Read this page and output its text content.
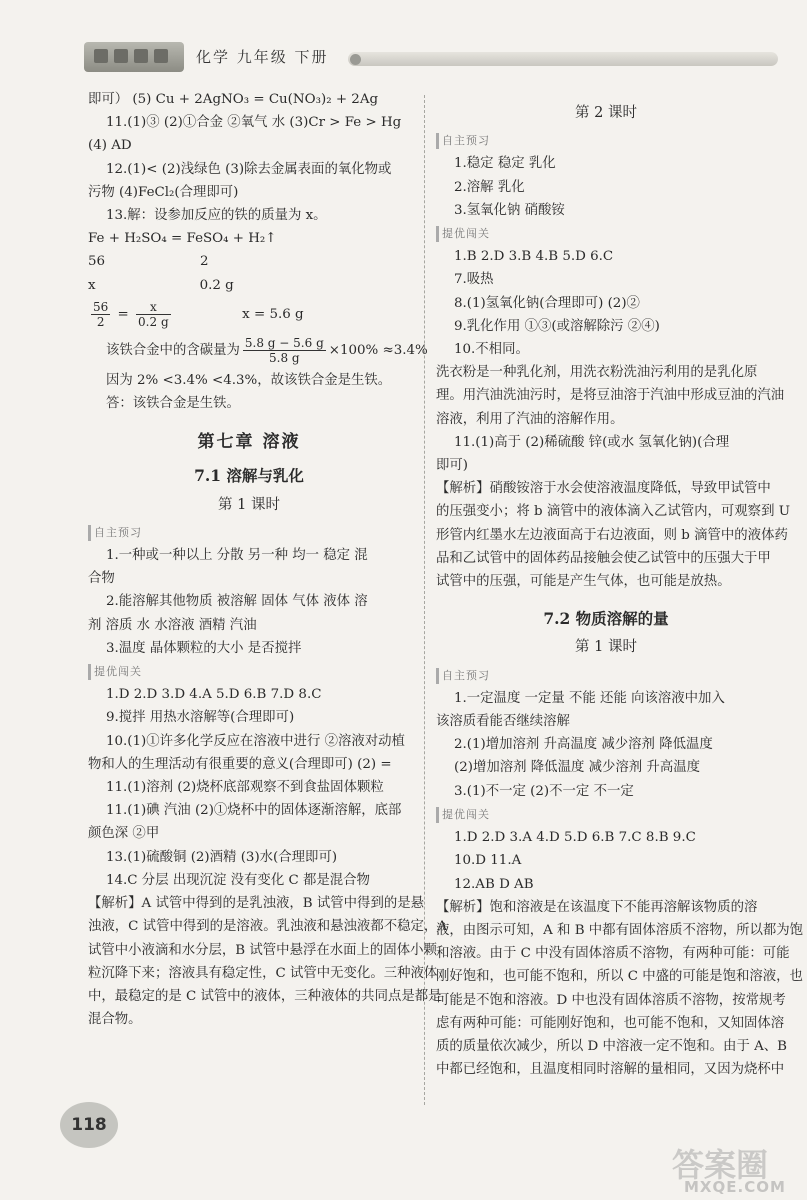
化学 九年级 下册
即可） (5) Cu + 2AgNO₃ = Cu(NO₃)₂ + 2Ag
11.(1)③ (2)①合金 ②氧气 水 (3)Cr > Fe > Hg
(4) AD
12.(1)< (2)浅绿色 (3)除去金属表面的氧化物或
污物 (4)FeCl₂(合理即可)
13.解：设参加反应的铁的质量为 x。
Fe + H₂SO₄ = FeSO₄ + H₂↑
56	2
x	0.2 g
$\frac{56}{2} = \frac{x}{0.2 g}$	x = 5.6 g
该铁合金中的含碳量为 $\frac{5.8 g - 5.6 g}{5.8 g} \times 100\% \approx 3.4\%$
因为 2% <3.4% <4.3%，故该铁合金是生铁。
答：该铁合金是生铁。
第七章 溶液
7.1 溶解与乳化
第 1 课时
自主预习
1.一种或一种以上 分散 另一种 均一 稳定 混
合物
2.能溶解其他物质 被溶解 固体 气体 液体 溶
剂 溶质 水 水溶液 酒精 汽油
3.温度 晶体颗粒的大小 是否搅拌
提优闯关
1.D 2.D 3.D 4.A 5.D 6.B 7.D 8.C
9.搅拌 用热水溶解等(合理即可)
10.(1)①许多化学反应在溶液中进行 ②溶液对动植
物和人的生理活动有很重要的意义(合理即可) (2) =
11.(1)溶剂 (2)烧杯底部观察不到食盐固体颗粒
11.(1)碘 汽油 (2)①烧杯中的固体逐渐溶解，底部
颜色深 ②甲
13.(1)硫酸铜 (2)酒精 (3)水(合理即可)
14.C 分层 出现沉淀 没有变化 C 都是混合物
【解析】A 试管中得到的是乳浊液，B 试管中得到的是悬
浊液，C 试管中得到的是溶液。乳浊液和悬浊液都不稳定，A
试管中小液滴和水分层，B 试管中悬浮在水面上的固体小颗
粒沉降下来；溶液具有稳定性，C 试管中无变化。三种液体
中，最稳定的是 C 试管中的液体，三种液体的共同点是都是
混合物。
第 2 课时
自主预习
1.稳定 稳定 乳化
2.溶解 乳化
3.氢氧化钠 硝酸铵
提优闯关
1.B 2.D 3.B 4.B 5.D 6.C
7.吸热
8.(1)氢氧化钠(合理即可) (2)②
9.乳化作用 ①③(或溶解除污 ②④)
10.不相同。
洗衣粉是一种乳化剂，用洗衣粉洗油污利用的是乳化原
理。用汽油洗油污时，是将豆油溶于汽油中形成豆油的汽油
溶液，利用了汽油的溶解作用。
11.(1)高于 (2)稀硫酸 锌(或水 氢氧化钠)(合理
即可)
【解析】硝酸铵溶于水会使溶液温度降低，导致甲试管中
的压强变小；将 b 滴管中的液体滴入乙试管内，可观察到 U
形管内红墨水左边液面高于右边液面，则 b 滴管中的液体药
品和乙试管中的固体药品接触会使乙试管中的压强大于甲
试管中的压强，可能是产生气体，也可能是放热。
7.2 物质溶解的量
第 1 课时
自主预习
1.一定温度 一定量 不能 还能 向该溶液中加入
该溶质看能否继续溶解
2.(1)增加溶剂 升高温度 减少溶剂 降低温度
(2)增加溶剂 降低温度 减少溶剂 升高温度
3.(1)不一定 (2)不一定 不一定
提优闯关
1.D 2.D 3.A 4.D 5.D 6.B 7.C 8.B 9.C
10.D 11.A
12.AB D AB
【解析】饱和溶液是在该温度下不能再溶解该物质的溶
液，由图示可知，A 和 B 中都有固体溶质不溶物，所以都为饱
和溶液。由于 C 中没有固体溶质不溶物，有两种可能：可能
刚好饱和，也可能不饱和，所以 C 中盛的可能是饱和溶液，也
可能是不饱和溶液。D 中也没有固体溶质不溶物，按常规考
虑有两种可能：可能刚好饱和，也可能不饱和，又知固体溶
质的质量依次减少，所以 D 中溶液一定不饱和。由于 A、B
中都已经饱和，且温度相同时溶解的量相同，又因为烧杯中
118
答案圈
MXQE.COM
